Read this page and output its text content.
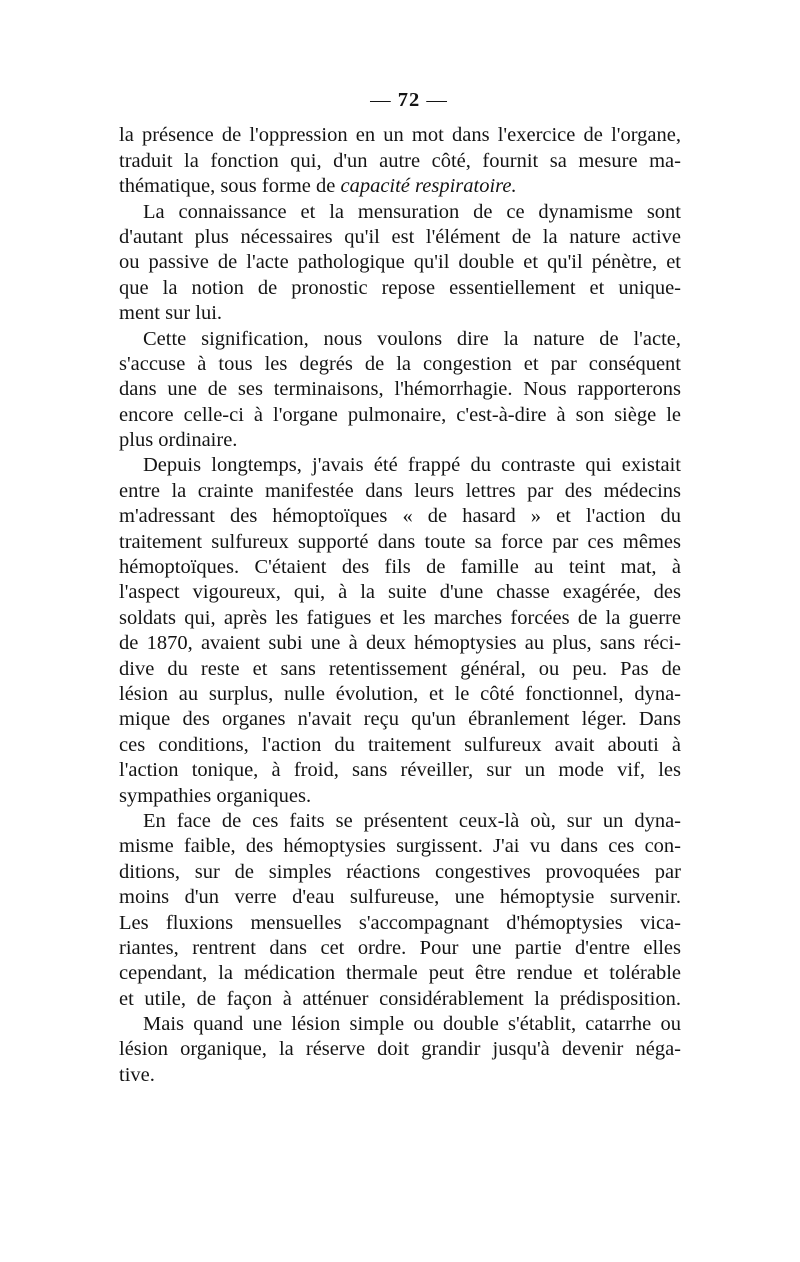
— 72 —
la présence de l'oppression en un mot dans l'exercice de l'organe,
traduit la fonction qui, d'un autre côté, fournit sa mesure ma-
thématique, sous forme de capacité respiratoire.
La connaissance et la mensuration de ce dynamisme sont
d'autant plus nécessaires qu'il est l'élément de la nature active
ou passive de l'acte pathologique qu'il double et qu'il pénètre, et
que la notion de pronostic repose essentiellement et unique-
ment sur lui.
Cette signification, nous voulons dire la nature de l'acte,
s'accuse à tous les degrés de la congestion et par conséquent
dans une de ses terminaisons, l'hémorrhagie. Nous rapporterons
encore celle-ci à l'organe pulmonaire, c'est-à-dire à son siège le
plus ordinaire.
Depuis longtemps, j'avais été frappé du contraste qui existait
entre la crainte manifestée dans leurs lettres par des médecins
m'adressant des hémoptoïques « de hasard » et l'action du
traitement sulfureux supporté dans toute sa force par ces mêmes
hémoptoïques. C'étaient des fils de famille au teint mat, à
l'aspect vigoureux, qui, à la suite d'une chasse exagérée, des
soldats qui, après les fatigues et les marches forcées de la guerre
de 1870, avaient subi une à deux hémoptysies au plus, sans réci-
dive du reste et sans retentissement général, ou peu. Pas de
lésion au surplus, nulle évolution, et le côté fonctionnel, dyna-
mique des organes n'avait reçu qu'un ébranlement léger. Dans
ces conditions, l'action du traitement sulfureux avait abouti à
l'action tonique, à froid, sans réveiller, sur un mode vif, les
sympathies organiques.
En face de ces faits se présentent ceux-là où, sur un dyna-
misme faible, des hémoptysies surgissent. J'ai vu dans ces con-
ditions, sur de simples réactions congestives provoquées par
moins d'un verre d'eau sulfureuse, une hémoptysie survenir.
Les fluxions mensuelles s'accompagnant d'hémoptysies vica-
riantes, rentrent dans cet ordre. Pour une partie d'entre elles
cependant, la médication thermale peut être rendue et tolérable
et utile, de façon à atténuer considérablement la prédisposition.
Mais quand une lésion simple ou double s'établit, catarrhe ou
lésion organique, la réserve doit grandir jusqu'à devenir néga-
tive.
